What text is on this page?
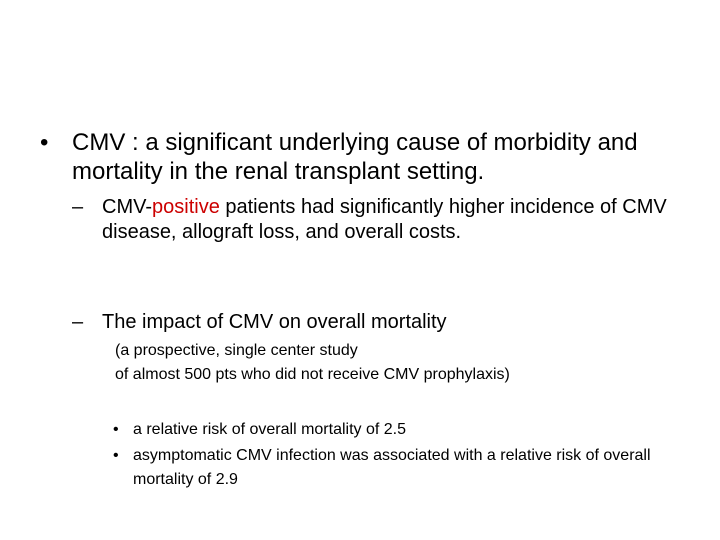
• CMV : a significant underlying cause of morbidity and mortality in the renal transplant setting.
– CMV-positive patients had significantly higher incidence of CMV disease, allograft loss, and overall costs.
– The impact of CMV on overall mortality
(a prospective, single center study
of almost 500 pts who did not receive CMV prophylaxis)
• a relative risk of overall mortality of 2.5
• asymptomatic CMV infection was associated with a relative risk of overall mortality of 2.9
